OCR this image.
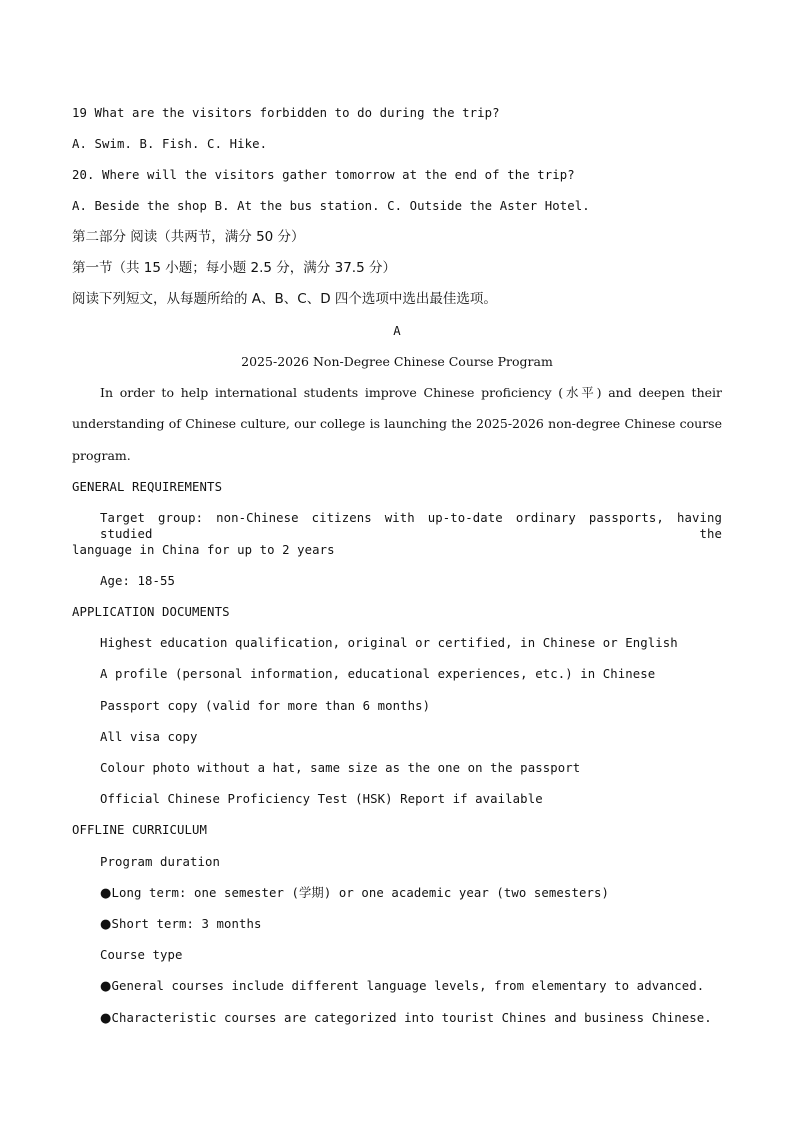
19 What are the visitors forbidden to do during the trip?
A. Swim. B. Fish. C. Hike.
20. Where will the visitors gather tomorrow at the end of the trip?
A. Beside the shop B. At the bus station. C. Outside the Aster Hotel.
第二部分 阅读（共两节，满分 50 分）
第一节（共 15 小题；每小题 2.5 分，满分 37.5 分）
阅读下列短文，从每题所给的 A、B、C、D 四个选项中选出最佳选项。
A
2025-2026 Non-Degree Chinese Course Program
In order to help international students improve Chinese proficiency (水平) and deepen their
understanding of Chinese culture, our college is launching the 2025-2026 non-degree Chinese course
program.
GENERAL REQUIREMENTS
Target group: non-Chinese citizens with up-to-date ordinary passports, having studied the
language in China for up to 2 years
Age: 18-55
APPLICATION DOCUMENTS
Highest education qualification, original or certified, in Chinese or English
A profile (personal information, educational experiences, etc.) in Chinese
Passport copy (valid for more than 6 months)
All visa copy
Colour photo without a hat, same size as the one on the passport
Official Chinese Proficiency Test (HSK) Report if available
OFFLINE CURRICULUM
Program duration
●Long term: one semester (学期) or one academic year (two semesters)
●Short term: 3 months
Course type
●General courses include different language levels, from elementary to advanced.
●Characteristic courses are categorized into tourist Chines and business Chinese.
